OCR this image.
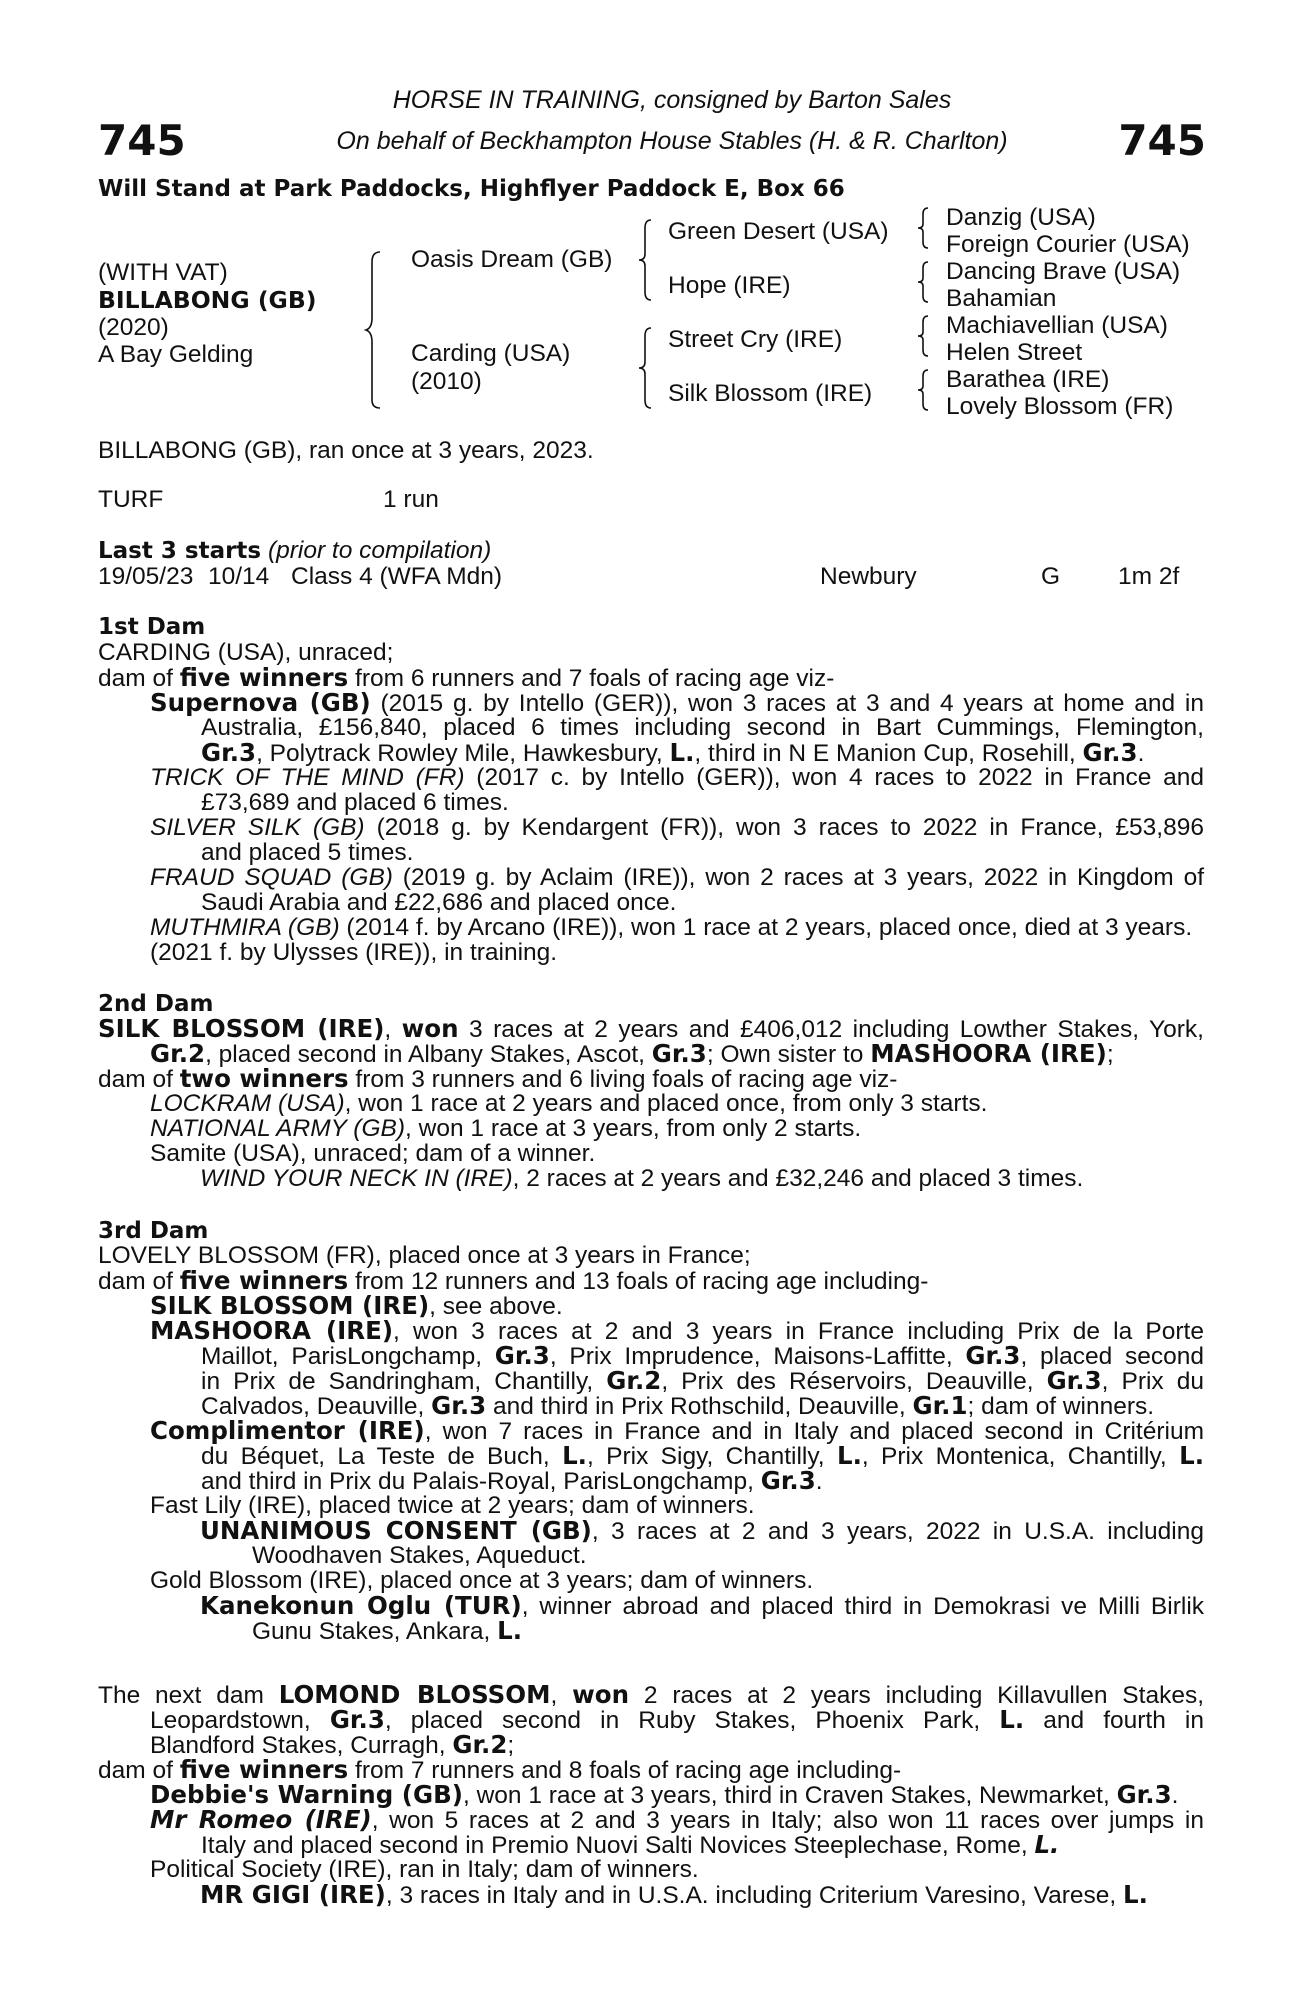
745	745
HORSE IN TRAINING, consigned by Barton Sales
On behalf of Beckhampton House Stables (H. & R. Charlton)
Will Stand at Park Paddocks, Highflyer Paddock E, Box 66
(WITH VAT)
BILLABONG (GB)
(2020)
A Bay Gelding
Oasis Dream (GB)
Carding (USA)
(2010)
Green Desert (USA)
Hope (IRE)
Street Cry (IRE)
Silk Blossom (IRE)
Danzig (USA)
Foreign Courier (USA)
Dancing Brave (USA)
Bahamian
Machiavellian (USA)
Helen Street
Barathea (IRE)
Lovely Blossom (FR)
BILLABONG (GB), ran once at 3 years, 2023.
TURF	1 run
Last 3 starts (prior to compilation)
19/05/23 10/14 Class 4 (WFA Mdn)	Newbury	G 1m 2f
1st Dam
CARDING (USA), unraced;
dam of five winners from 6 runners and 7 foals of racing age viz-
Supernova (GB) (2015 g. by Intello (GER)), won 3 races at 3 and 4 years at home and in
Australia, £156,840, placed 6 times including second in Bart Cummings, Flemington,
Gr.3, Polytrack Rowley Mile, Hawkesbury, L., third in N E Manion Cup, Rosehill, Gr.3.
TRICK OF THE MIND (FR) (2017 c. by Intello (GER)), won 4 races to 2022 in France and
£73,689 and placed 6 times.
SILVER SILK (GB) (2018 g. by Kendargent (FR)), won 3 races to 2022 in France, £53,896
and placed 5 times.
FRAUD SQUAD (GB) (2019 g. by Aclaim (IRE)), won 2 races at 3 years, 2022 in Kingdom of
Saudi Arabia and £22,686 and placed once.
MUTHMIRA (GB) (2014 f. by Arcano (IRE)), won 1 race at 2 years, placed once, died at 3 years.
(2021 f. by Ulysses (IRE)), in training.
2nd Dam
SILK BLOSSOM (IRE), won 3 races at 2 years and £406,012 including Lowther Stakes, York,
Gr.2, placed second in Albany Stakes, Ascot, Gr.3; Own sister to MASHOORA (IRE);
dam of two winners from 3 runners and 6 living foals of racing age viz-
LOCKRAM (USA), won 1 race at 2 years and placed once, from only 3 starts.
NATIONAL ARMY (GB), won 1 race at 3 years, from only 2 starts.
Samite (USA), unraced; dam of a winner.
WIND YOUR NECK IN (IRE), 2 races at 2 years and £32,246 and placed 3 times.
3rd Dam
LOVELY BLOSSOM (FR), placed once at 3 years in France;
dam of five winners from 12 runners and 13 foals of racing age including-
SILK BLOSSOM (IRE), see above.
MASHOORA (IRE), won 3 races at 2 and 3 years in France including Prix de la Porte
Maillot, ParisLongchamp, Gr.3, Prix Imprudence, Maisons-Laffitte, Gr.3, placed second
in Prix de Sandringham, Chantilly, Gr.2, Prix des Réservoirs, Deauville, Gr.3, Prix du
Calvados, Deauville, Gr.3 and third in Prix Rothschild, Deauville, Gr.1; dam of winners.
Complimentor (IRE), won 7 races in France and in Italy and placed second in Critérium
du Béquet, La Teste de Buch, L., Prix Sigy, Chantilly, L., Prix Montenica, Chantilly, L.
and third in Prix du Palais-Royal, ParisLongchamp, Gr.3.
Fast Lily (IRE), placed twice at 2 years; dam of winners.
UNANIMOUS CONSENT (GB), 3 races at 2 and 3 years, 2022 in U.S.A. including
Woodhaven Stakes, Aqueduct.
Gold Blossom (IRE), placed once at 3 years; dam of winners.
Kanekonun Oglu (TUR), winner abroad and placed third in Demokrasi ve Milli Birlik
Gunu Stakes, Ankara, L.
The next dam LOMOND BLOSSOM, won 2 races at 2 years including Killavullen Stakes,
Leopardstown, Gr.3, placed second in Ruby Stakes, Phoenix Park, L. and fourth in
Blandford Stakes, Curragh, Gr.2;
dam of five winners from 7 runners and 8 foals of racing age including-
Debbie's Warning (GB), won 1 race at 3 years, third in Craven Stakes, Newmarket, Gr.3.
Mr Romeo (IRE), won 5 races at 2 and 3 years in Italy; also won 11 races over jumps in
Italy and placed second in Premio Nuovi Salti Novices Steeplechase, Rome, L.
Political Society (IRE), ran in Italy; dam of winners.
MR GIGI (IRE), 3 races in Italy and in U.S.A. including Criterium Varesino, Varese, L.
